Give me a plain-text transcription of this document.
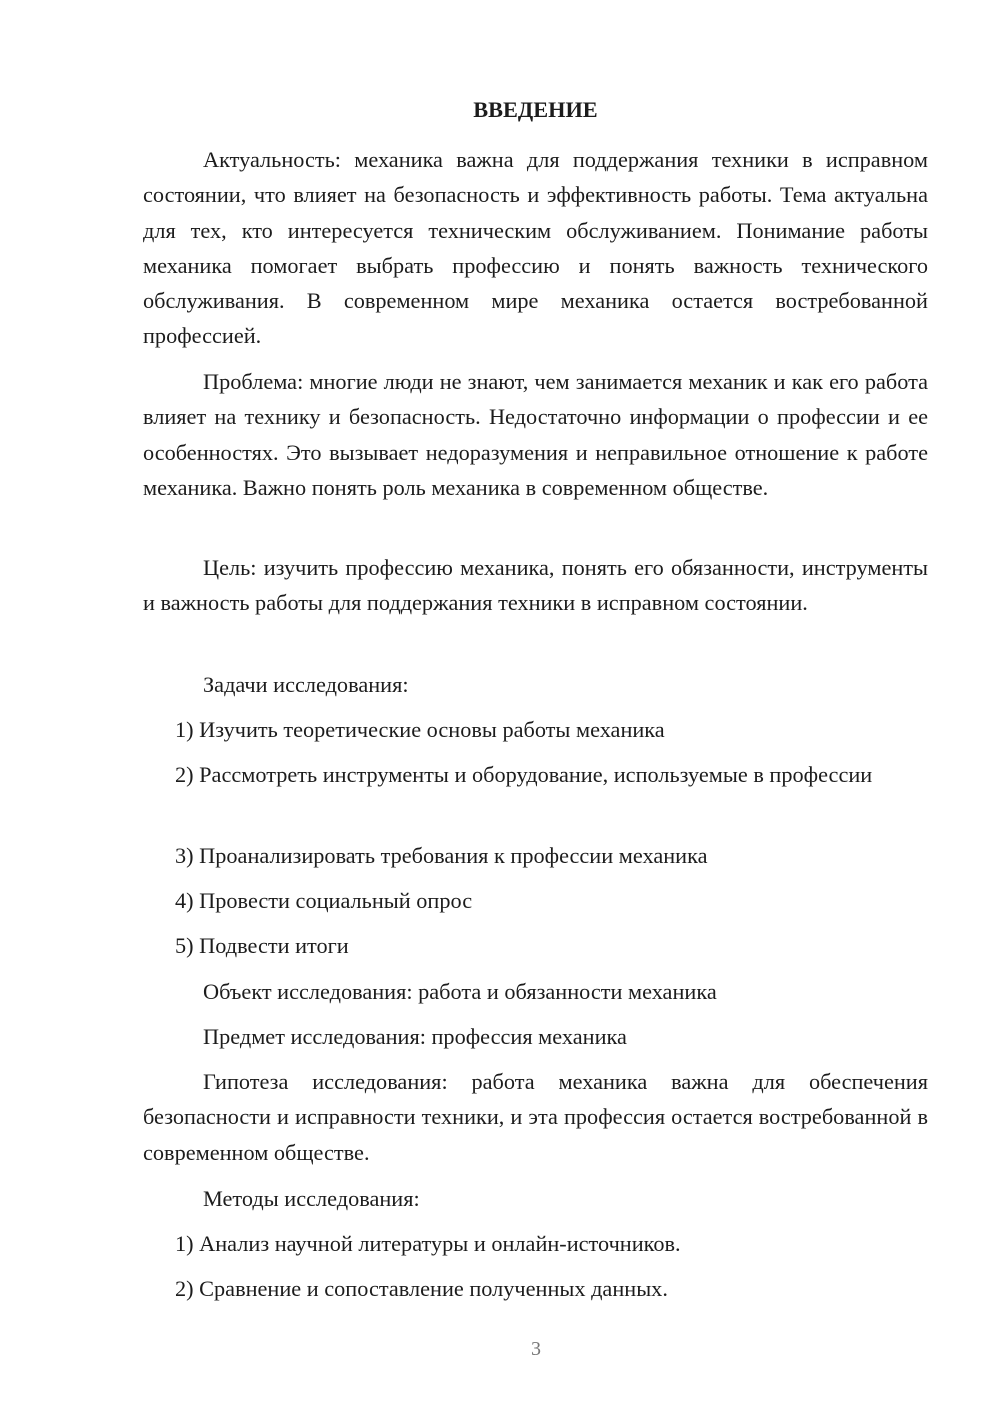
ВВЕДЕНИЕ

Актуальность: механика важна для поддержания техники в исправном состоянии, что влияет на безопасность и эффективность работы. Тема актуальна для тех, кто интересуется техническим обслуживанием. Понимание работы механика помогает выбрать профессию и понять важность технического обслуживания. В современном мире механика остается востребованной профессией.

Проблема: многие люди не знают, чем занимается механик и как его работа влияет на технику и безопасность. Недостаточно информации о профессии и ее особенностях. Это вызывает недоразумения и неправильное отношение к работе механика. Важно понять роль механика в современном обществе.

Цель: изучить профессию механика, понять его обязанности, инструменты и важность работы для поддержания техники в исправном состоянии.

Задачи исследования:

1) Изучить теоретические основы работы механика

2) Рассмотреть инструменты и оборудование, используемые в профессии

3) Проанализировать требования к профессии механика

4) Провести социальный опрос

5) Подвести итоги

Объект исследования: работа и обязанности механика

Предмет исследования: профессия механика

Гипотеза исследования: работа механика важна для обеспечения безопасности и исправности техники, и эта профессия остается востребованной в современном обществе.

Методы исследования:

1) Анализ научной литературы и онлайн-источников.

2) Сравнение и сопоставление полученных данных.

3
